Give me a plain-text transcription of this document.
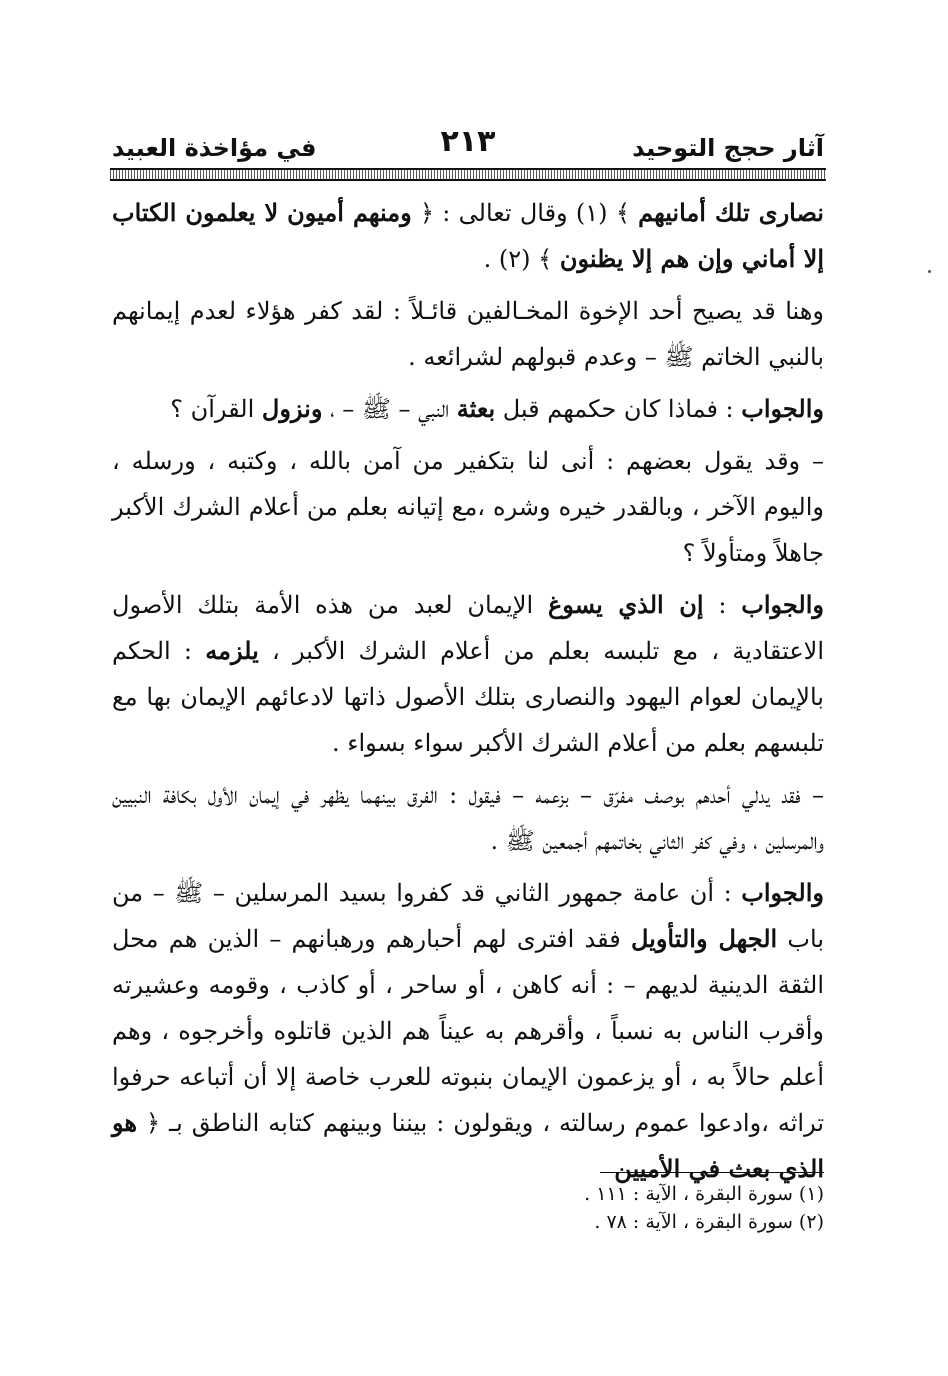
آثار حجج التوحيد
٢١٣
في مؤاخذة العبيد

نصارى تلك أمانيهم ﴾ (١) وقال تعالى : ﴿ ومنهم أميون لا يعلمون الكتاب إلا أماني وإن هم إلا يظنون ﴾ (٢) .

وهنا قد يصيح أحد الإخوة المخـالفين قائـلاً : لقد كفر هؤلاء لعدم إيمانهم بالنبي الخاتم ﷺ – وعدم قبولهم لشرائعه .

والجواب : فماذا كان حكمهم قبل بعثة النبي – ﷺ – ، ونزول القرآن ؟

– وقد يقول بعضهم : أنى لنا بتكفير من آمن بالله ، وكتبه ، ورسله ، واليوم الآخر ، وبالقدر خيره وشره ،مع إتيانه بعلم من أعلام الشرك الأكبر جاهلاً ومتأولاً ؟

والجواب : إن الذي يسوغ الإيمان لعبد من هذه الأمة بتلك الأصول الاعتقادية ، مع تلبسه بعلم من أعلام الشرك الأكبر ، يلزمه : الحكم بالإيمان لعوام اليهود والنصارى بتلك الأصول ذاتها لادعائهم الإيمان بها مع تلبسهم بعلم من أعلام الشرك الأكبر سواء بسواء .

– فقد يدلي أحدهم بوصف مفرّق – بزعمه – فيقول : الفرق بينهما يظهر في إيمان الأول بكافة النبيين والمرسلين ، وفي كفر الثاني بخاتمهم أجمعين ﷺ .

والجواب : أن عامة جمهور الثاني قد كفروا بسيد المرسلين – ﷺ – من باب الجهل والتأويل فقد افترى لهم أحبارهم ورهبانهم – الذين هم محل الثقة الدينية لديهم – : أنه كاهن ، أو ساحر ، أو كاذب ، وقومه وعشيرته وأقرب الناس به نسباً ، وأقرهم به عيناً هم الذين قاتلوه وأخرجوه ، وهم أعلم حالاً به ، أو يزعمون الإيمان بنبوته للعرب خاصة إلا أن أتباعه حرفوا تراثه ،وادعوا عموم رسالته ، ويقولون : بيننا وبينهم كتابه الناطق بـ ﴿ هو الذي بعث في الأميين

(١) سورة البقرة ، الآية : ١١١ .
(٢) سورة البقرة ، الآية : ٧٨ .
